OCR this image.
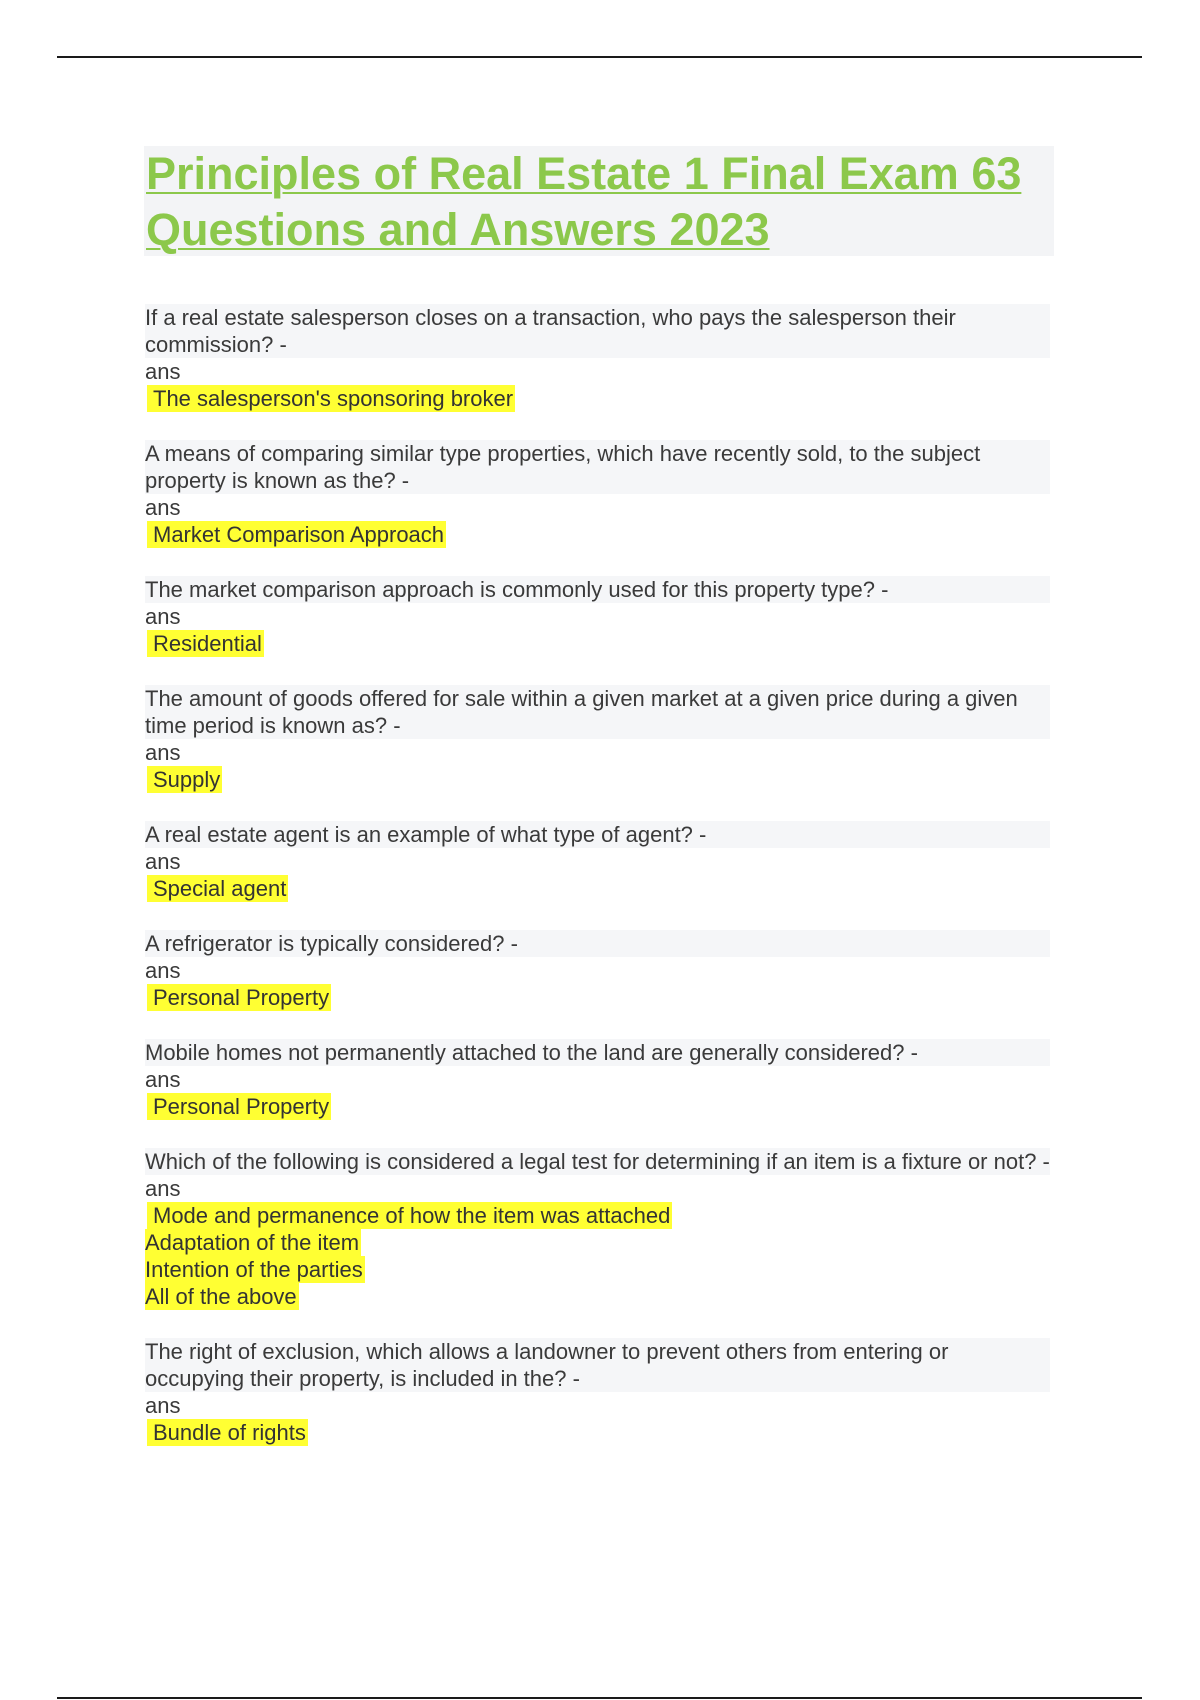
Principles of Real Estate 1 Final Exam 63 Questions and Answers 2023
If a real estate salesperson closes on a transaction, who pays the salesperson their commission? -
ans
The salesperson's sponsoring broker
A means of comparing similar type properties, which have recently sold, to the subject property is known as the? -
ans
Market Comparison Approach
The market comparison approach is commonly used for this property type? -
ans
Residential
The amount of goods offered for sale within a given market at a given price during a given time period is known as? -
ans
Supply
A real estate agent is an example of what type of agent? -
ans
Special agent
A refrigerator is typically considered? -
ans
Personal Property
Mobile homes not permanently attached to the land are generally considered? -
ans
Personal Property
Which of the following is considered a legal test for determining if an item is a fixture or not? -
ans
Mode and permanence of how the item was attached
Adaptation of the item
Intention of the parties
All of the above
The right of exclusion, which allows a landowner to prevent others from entering or occupying their property, is included in the? -
ans
Bundle of rights
